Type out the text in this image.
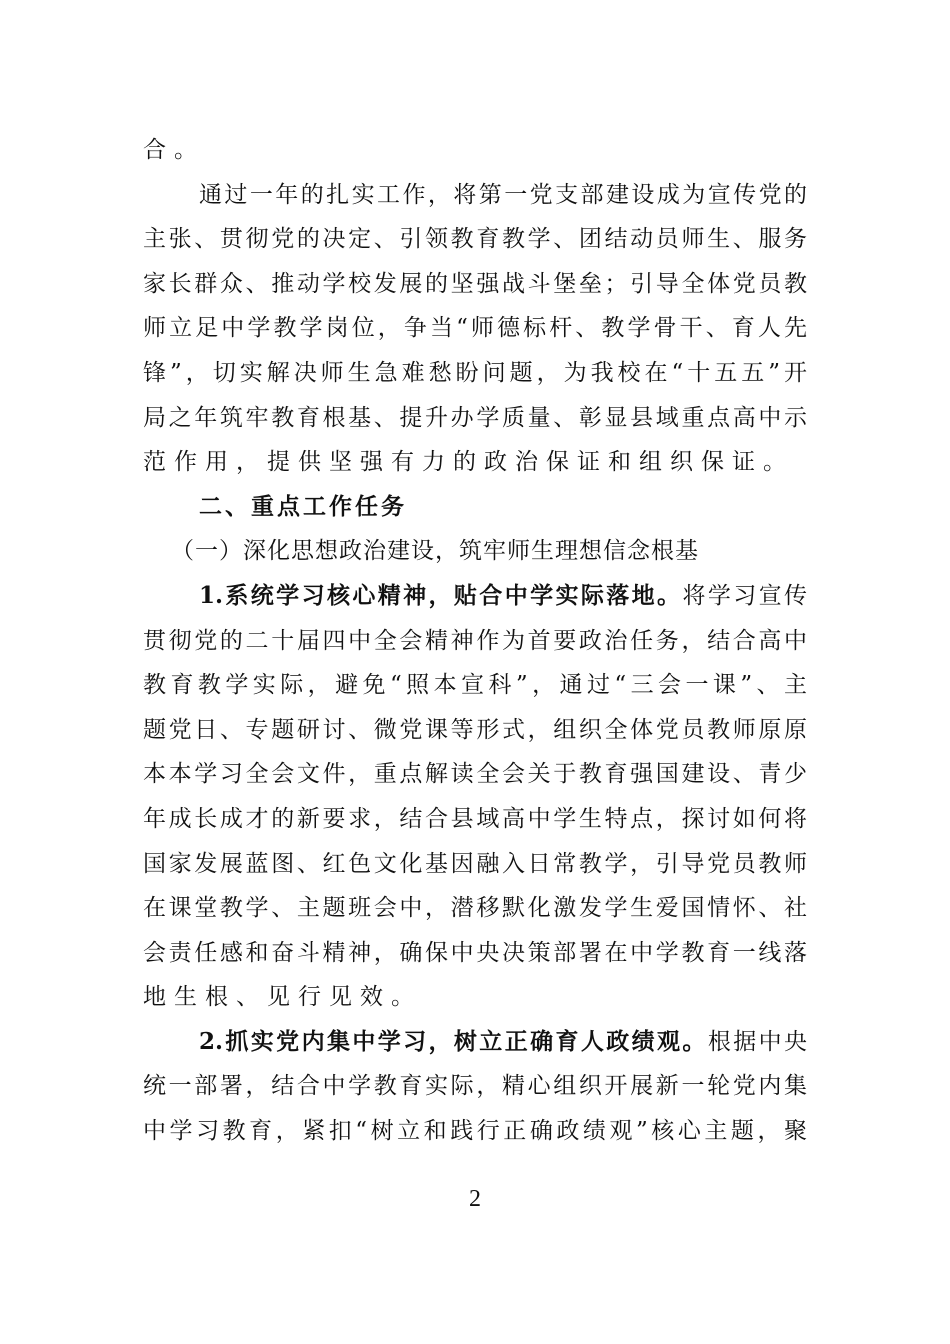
合。
通过一年的扎实工作，将第一党支部建设成为宣传党的
主张、贯彻党的决定、引领教育教学、团结动员师生、服务
家长群众、推动学校发展的坚强战斗堡垒；引导全体党员教
师立足中学教学岗位，争当“师德标杆、教学骨干、育人先
锋”，切实解决师生急难愁盼问题，为我校在“十五五”开
局之年筑牢教育根基、提升办学质量、彰显县域重点高中示
范作用，提供坚强有力的政治保证和组织保证。
二、重点工作任务
（一）深化思想政治建设，筑牢师生理想信念根基
1.系统学习核心精神，贴合中学实际落地。将学习宣传
贯彻党的二十届四中全会精神作为首要政治任务，结合高中
教育教学实际，避免“照本宣科”，通过“三会一课”、主
题党日、专题研讨、微党课等形式，组织全体党员教师原原
本本学习全会文件，重点解读全会关于教育强国建设、青少
年成长成才的新要求，结合县域高中学生特点，探讨如何将
国家发展蓝图、红色文化基因融入日常教学，引导党员教师
在课堂教学、主题班会中，潜移默化激发学生爱国情怀、社
会责任感和奋斗精神，确保中央决策部署在中学教育一线落
地生根、见行见效。
2.抓实党内集中学习，树立正确育人政绩观。根据中央
统一部署，结合中学教育实际，精心组织开展新一轮党内集
中学习教育，紧扣“树立和践行正确政绩观”核心主题，聚
2
